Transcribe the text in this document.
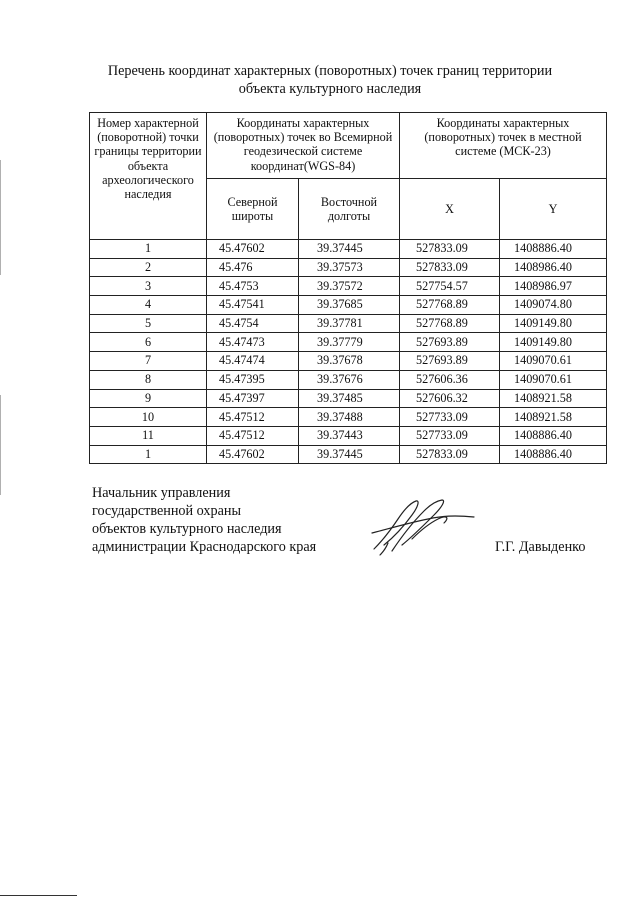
Перечень координат характерных (поворотных) точек границ территории
объекта культурного наследия
Номер характерной (поворотной) точки границы территории объекта археологического наследия	Координаты характерных (поворотных) точек во Всемирной геодезической системе координат(WGS-84)		Координаты характерных (поворотных) точек в местной системе (МСК-23)	
	Северной широты	Восточной долготы	X	Y
1	45.47602	39.37445	527833.09	1408886.40
2	45.476	39.37573	527833.09	1408986.40
3	45.4753	39.37572	527754.57	1408986.97
4	45.47541	39.37685	527768.89	1409074.80
5	45.4754	39.37781	527768.89	1409149.80
6	45.47473	39.37779	527693.89	1409149.80
7	45.47474	39.37678	527693.89	1409070.61
8	45.47395	39.37676	527606.36	1409070.61
9	45.47397	39.37485	527606.32	1408921.58
10	45.47512	39.37488	527733.09	1408921.58
11	45.47512	39.37443	527733.09	1408886.40
1	45.47602	39.37445	527833.09	1408886.40
Начальник управления
государственной охраны
объектов культурного наследия
администрации Краснодарского края	Г.Г. Давыденко
